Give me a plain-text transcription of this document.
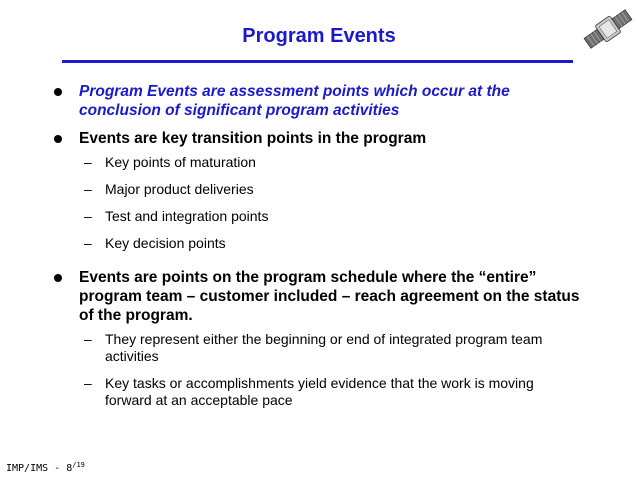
Program Events
Program Events are assessment points which occur at the conclusion of significant program activities
Events are key transition points in the program
– Key points of maturation
– Major product deliveries
– Test and integration points
– Key decision points
Events are points on the program schedule where the “entire” program team – customer included – reach agreement on the status of the program.
– They represent either the beginning or end of integrated program team activities
– Key tasks or accomplishments yield evidence that the work is moving forward at an acceptable pace
$IMP/IMS - 8^{/19}$
